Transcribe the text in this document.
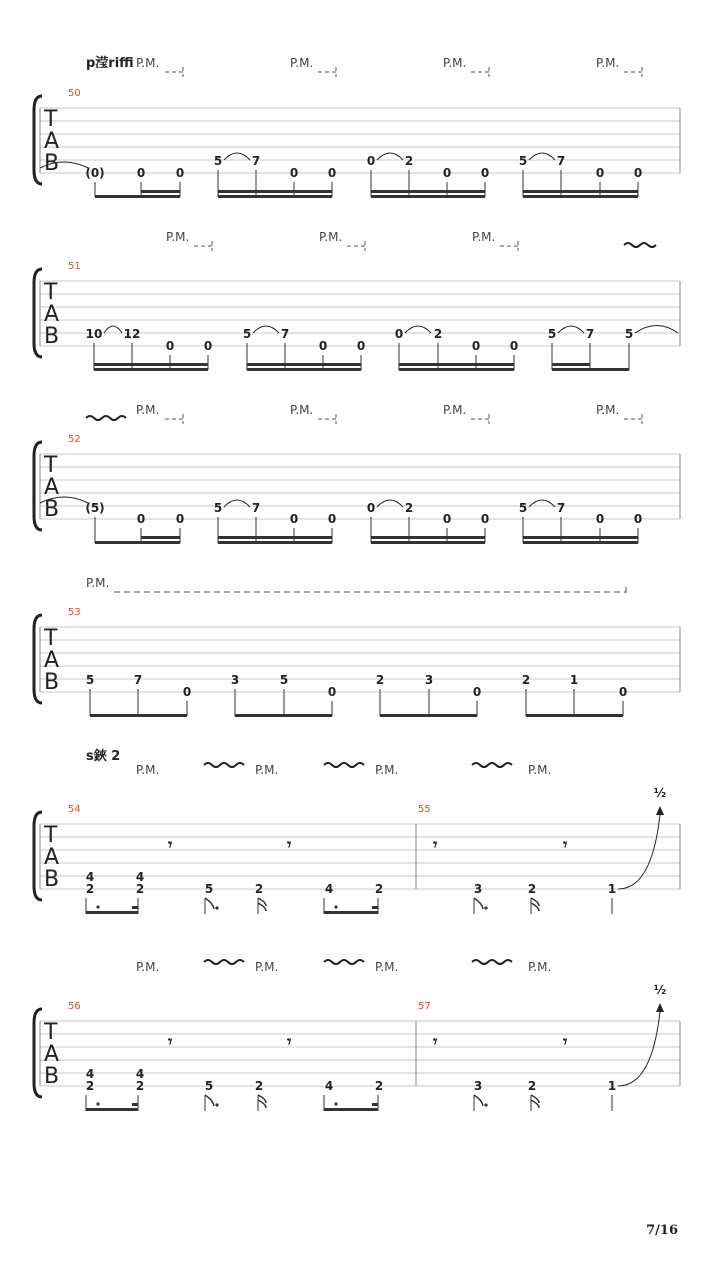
p滢riffi P.M.	P.M.	P.M.	P.M.
50
T
A
B (0)	0	0
5 7
0 0
0 2
0 0
5 7
0 0
P.M.	P.M.	P.M.
51
T
A
B 10 12
0 0
5 7
0 0
0	2
0 0
5 7	5
P.M.	P.M.	P.M.	P.M.
52
T
A
B (5)
0	0
5 7
0 0
0 2
0 0
5 7
0 0
P.M.
53
T
A
B 5	7
0
3	5
0
2	3
0
2	1
0
s鋏 2
P.M.	P.M.	P.M.	P.M.
54	55
T
A
B
𝄾	𝄾	𝄾	𝄾
4
2
4
2	5	2	4	2	3	2	1
½
P.M.	P.M.	P.M.	P.M.
56	57
T
A
B
𝄾	𝄾	𝄾	𝄾
4
2
4
2	5	2	4	2	3	2	1
½
7/16
